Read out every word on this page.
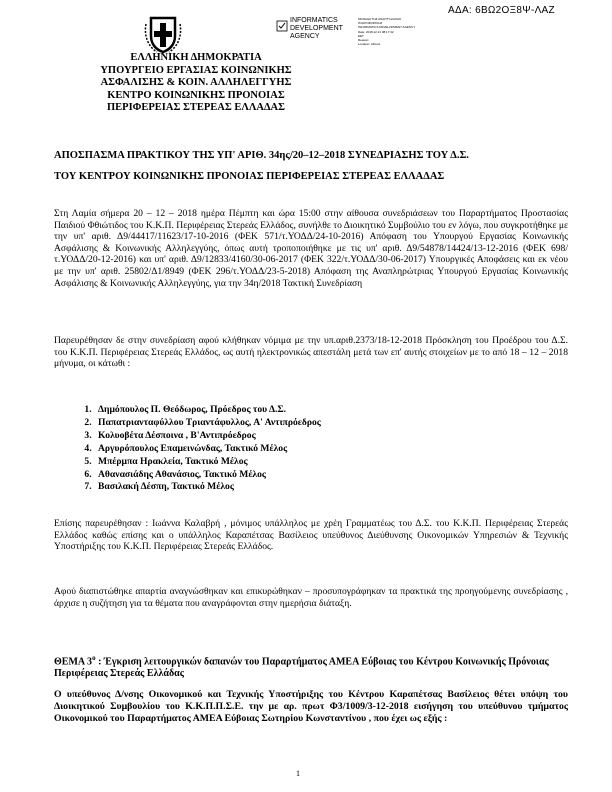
ΑΔΑ: 6ΒΩ2ΟΞ8Ψ-ΛΑΖ
INFORMATICS
DEVELOPMENT
AGENCY
ΜΟΝΑΔΑ ΤΗΣ ΑΝΑΠΤΥΞΙΑΚΗΣ
ΠΛΗΡΟΦΟΡΙΚΗΣ
INFORMATICS DEVELOPMENT AGENCY
Date: 2018.12.21 08:17:32
EET
Reason:
Location: Athens
ΕΛΛΗΝΙΚΗ ΔΗΜΟΚΡΑΤΙΑ
ΥΠΟΥΡΓΕΙΟ ΕΡΓΑΣΙΑΣ ΚΟΙΝΩΝΙΚΗΣ
ΑΣΦΑΛΙΣΗΣ & ΚΟΙΝ. ΑΛΛΗΛΕΓΓΥΗΣ
ΚΕΝΤΡΟ ΚΟΙΝΩΝΙΚΗΣ ΠΡΟΝΟΙΑΣ
ΠΕΡΙΦΕΡΕΙΑΣ ΣΤΕΡΕΑΣ ΕΛΛΑΔΑΣ
ΑΠΟΣΠΑΣΜΑ ΠΡΑΚΤΙΚΟΥ ΤΗΣ ΥΠ' ΑΡΙΘ. 34ης/20–12–2018 ΣΥΝΕΔΡΙΑΣΗΣ ΤΟΥ Δ.Σ.
ΤΟΥ ΚΕΝΤΡΟΥ ΚΟΙΝΩΝΙΚΗΣ ΠΡΟΝΟΙΑΣ ΠΕΡΙΦΕΡΕΙΑΣ ΣΤΕΡΕΑΣ ΕΛΛΑΔΑΣ
Στη Λαμία σήμερα 20 – 12 – 2018 ημέρα Πέμπτη και ώρα 15:00 στην αίθουσα συνεδριάσεων του Παραρτήματος Προστασίας Παιδιού Φθιώτιδος του Κ.Κ.Π. Περιφέρειας Στερεάς Ελλάδος, συνήλθε το Διοικητικό Συμβούλιο του εν λόγω, που συγκροτήθηκε με την υπ' αριθ. Δ9/44417/11623/17-10-2016 (ΦΕΚ 571/τ.ΥΟΔΔ/24-10-2016) Απόφαση του Υπουργού Εργασίας Κοινωνικής Ασφάλισης & Κοινωνικής Αλληλεγγύης, όπως αυτή τροποποιήθηκε με τις υπ' αριθ. Δ9/54878/14424/13-12-2016 (ΦΕΚ 698/τ.ΥΟΔΔ/20-12-2016) και υπ' αριθ. Δ9/12833/4160/30-06-2017 (ΦΕΚ 322/τ.ΥΟΔΔ/30-06-2017) Υπουργικές Αποφάσεις και εκ νέου με την υπ' αριθ. 25802/Δ1/8949 (ΦΕΚ 296/τ.ΥΟΔΔ/23-5-2018) Απόφαση της Αναπληρώτριας Υπουργού Εργασίας Κοινωνικής Ασφάλισης & Κοινωνικής Αλληλεγγύης, για την 34η/2018 Τακτική Συνεδρίαση
Παρευρέθησαν δε στην συνεδρίαση αφού κλήθηκαν νόμιμα με την υπ.αριθ.2373/18-12-2018 Πρόσκληση του Προέδρου του Δ.Σ. του Κ.Κ.Π. Περιφέρειας Στερεάς Ελλάδος, ως αυτή ηλεκτρονικώς απεστάλη μετά των επ' αυτής στοιχείων με το από 18 – 12 – 2018 μήνυμα, οι κάτωθι :
1. Δημόπουλος Π. Θεόδωρος, Πρόεδρος του Δ.Σ.
2. Παπατριανταφύλλου Τριαντάφυλλος, Α' Αντιπρόεδρος
3. Κολυοβέτα Δέσποινα , Β'Αντιπρόεδρος
4. Αργυρόπουλος Επαμεινώνδας, Τακτικό Μέλος
5. Μπέρμπα Ηρακλεία, Τακτικό Μέλος
6. Αθανασιάδης Αθανάσιος, Τακτικό Μέλος
7. Βασιλακή Δέσπη, Τακτικό Μέλος
Επίσης παρευρέθησαν : Ιωάννα Καλαβρή , μόνιμος υπάλληλος με χρέη Γραμματέως του Δ.Σ. του Κ.Κ.Π. Περιφέρειας Στερεάς Ελλάδος καθώς επίσης και ο υπάλληλος Καραπέτσας Βασίλειος υπεύθυνος Διεύθυνσης Οικονομικών Υπηρεσιών & Τεχνικής Υποστήριξης του Κ.Κ.Π. Περιφέρειας Στερεάς Ελλάδος.
Αφού διαπιστώθηκε απαρτία αναγνώσθηκαν και επικυρώθηκαν – προσυπογράφηκαν τα πρακτικά της προηγούμενης συνεδρίασης , άρχισε η συζήτηση για τα θέματα που αναγράφονται στην ημερήσια διάταξη.
ΘΕΜΑ $3^o$ : Έγκριση λειτουργικών δαπανών του Παραρτήματος ΑΜΕΑ Εύβοιας του Κέντρου Κοινωνικής Πρόνοιας Περιφέρειας Στερεάς Ελλάδας
Ο υπεύθυνος Δ/νσης Οικονομικού και Τεχνικής Υποστήριξης του Κέντρου Καραπέτσας Βασίλειος θέτει υπόψη του Διοικητικού Συμβουλίου του Κ.Κ.Π.Π.Σ.Ε. την με αρ. πρωτ Φ3/1009/3-12-2018 εισήγηση του υπεύθυνου τμήματος Οικονομικού του Παραρτήματος ΑΜΕΑ Εύβοιας Σωτηρίου Κωνσταντίνου , που έχει ως εξής :
1
